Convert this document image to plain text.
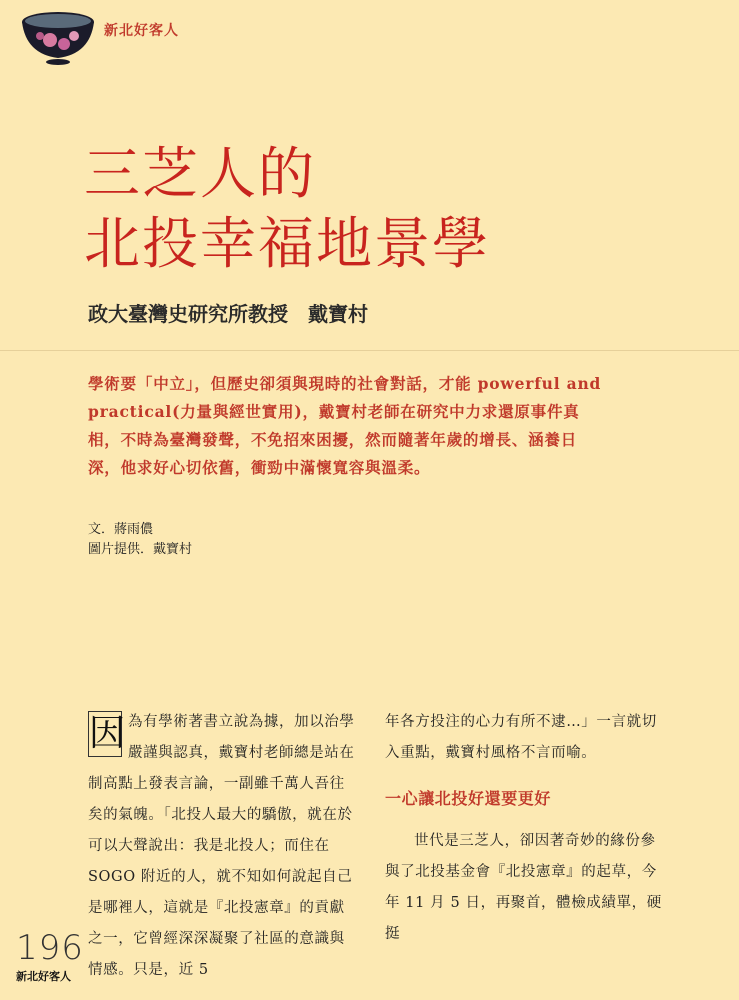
新北好客人
三芝人的
北投幸福地景學
政大臺灣史研究所教授　戴寶村
學術要「中立」，但歷史卻須與現時的社會對話，才能 powerful and practical(力量與經世實用)，戴寶村老師在研究中力求還原事件真相，不時為臺灣發聲，不免招來困擾，然而隨著年歲的增長、涵養日深，他求好心切依舊，衝勁中滿懷寬容與溫柔。
文．蔣雨儂
圖片提供．戴寶村
因 為有學術著書立說為據，加以治學嚴謹與認真，戴寶村老師總是站在制高點上發表言論，一副雖千萬人吾往矣的氣魄。「北投人最大的驕傲，就在於可以大聲說出：我是北投人；而住在 SOGO 附近的人，就不知如何說起自己是哪裡人，這就是『北投憲章』的貢獻之一，它曾經深深凝聚了社區的意識與情感。只是，近 5

年各方投注的心力有所不逮…」一言就切入重點，戴寶村風格不言而喻。

一心讓北投好還要更好

世代是三芝人，卻因著奇妙的緣份參與了北投基金會『北投憲章』的起草，今年 11 月 5 日，再聚首，體檢成績單，硬挺

196
新北好客人
